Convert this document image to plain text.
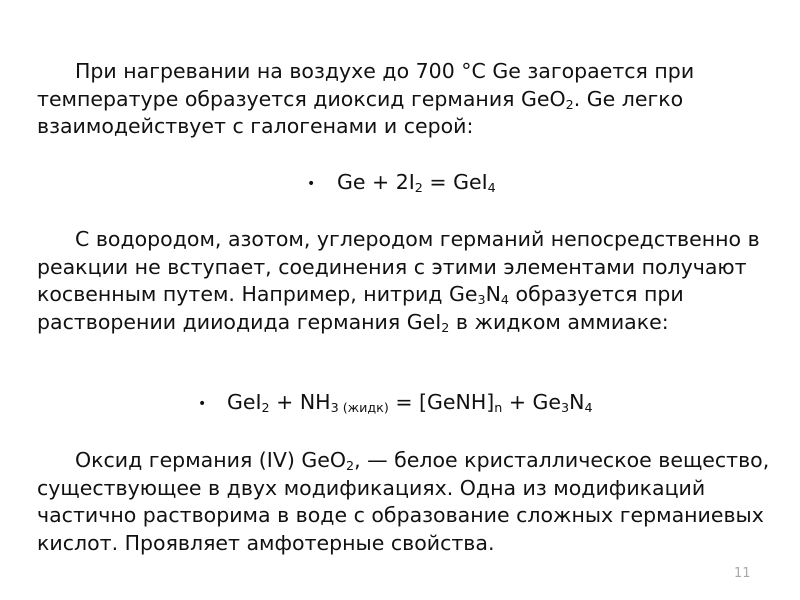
При нагревании на воздухе до 700 °С Ge загорается при температуре образуется диоксид германия GeO$_2$. Ge легко взаимодействует с галогенами и серой:
• $Ge + 2I_2 = GeI_4$
С водородом, азотом, углеродом германий непосредственно в реакции не вступает, соединения с этими элементами получают косвенным путем. Например, нитрид $Ge_3N_4$ образуется при растворении дииодида германия GeI$_2$ в жидком аммиаке:
• GeI$_2$ + NH3 (жидк) = $[GeNH]_n + Ge_3N_4$
Оксид германия (IV) GeO$_2$, — белое кристаллическое вещество, существующее в двух модификациях. Одна из модификаций частично растворима в воде с образование сложных германиевых кислот. Проявляет амфотерные свойства.
11
